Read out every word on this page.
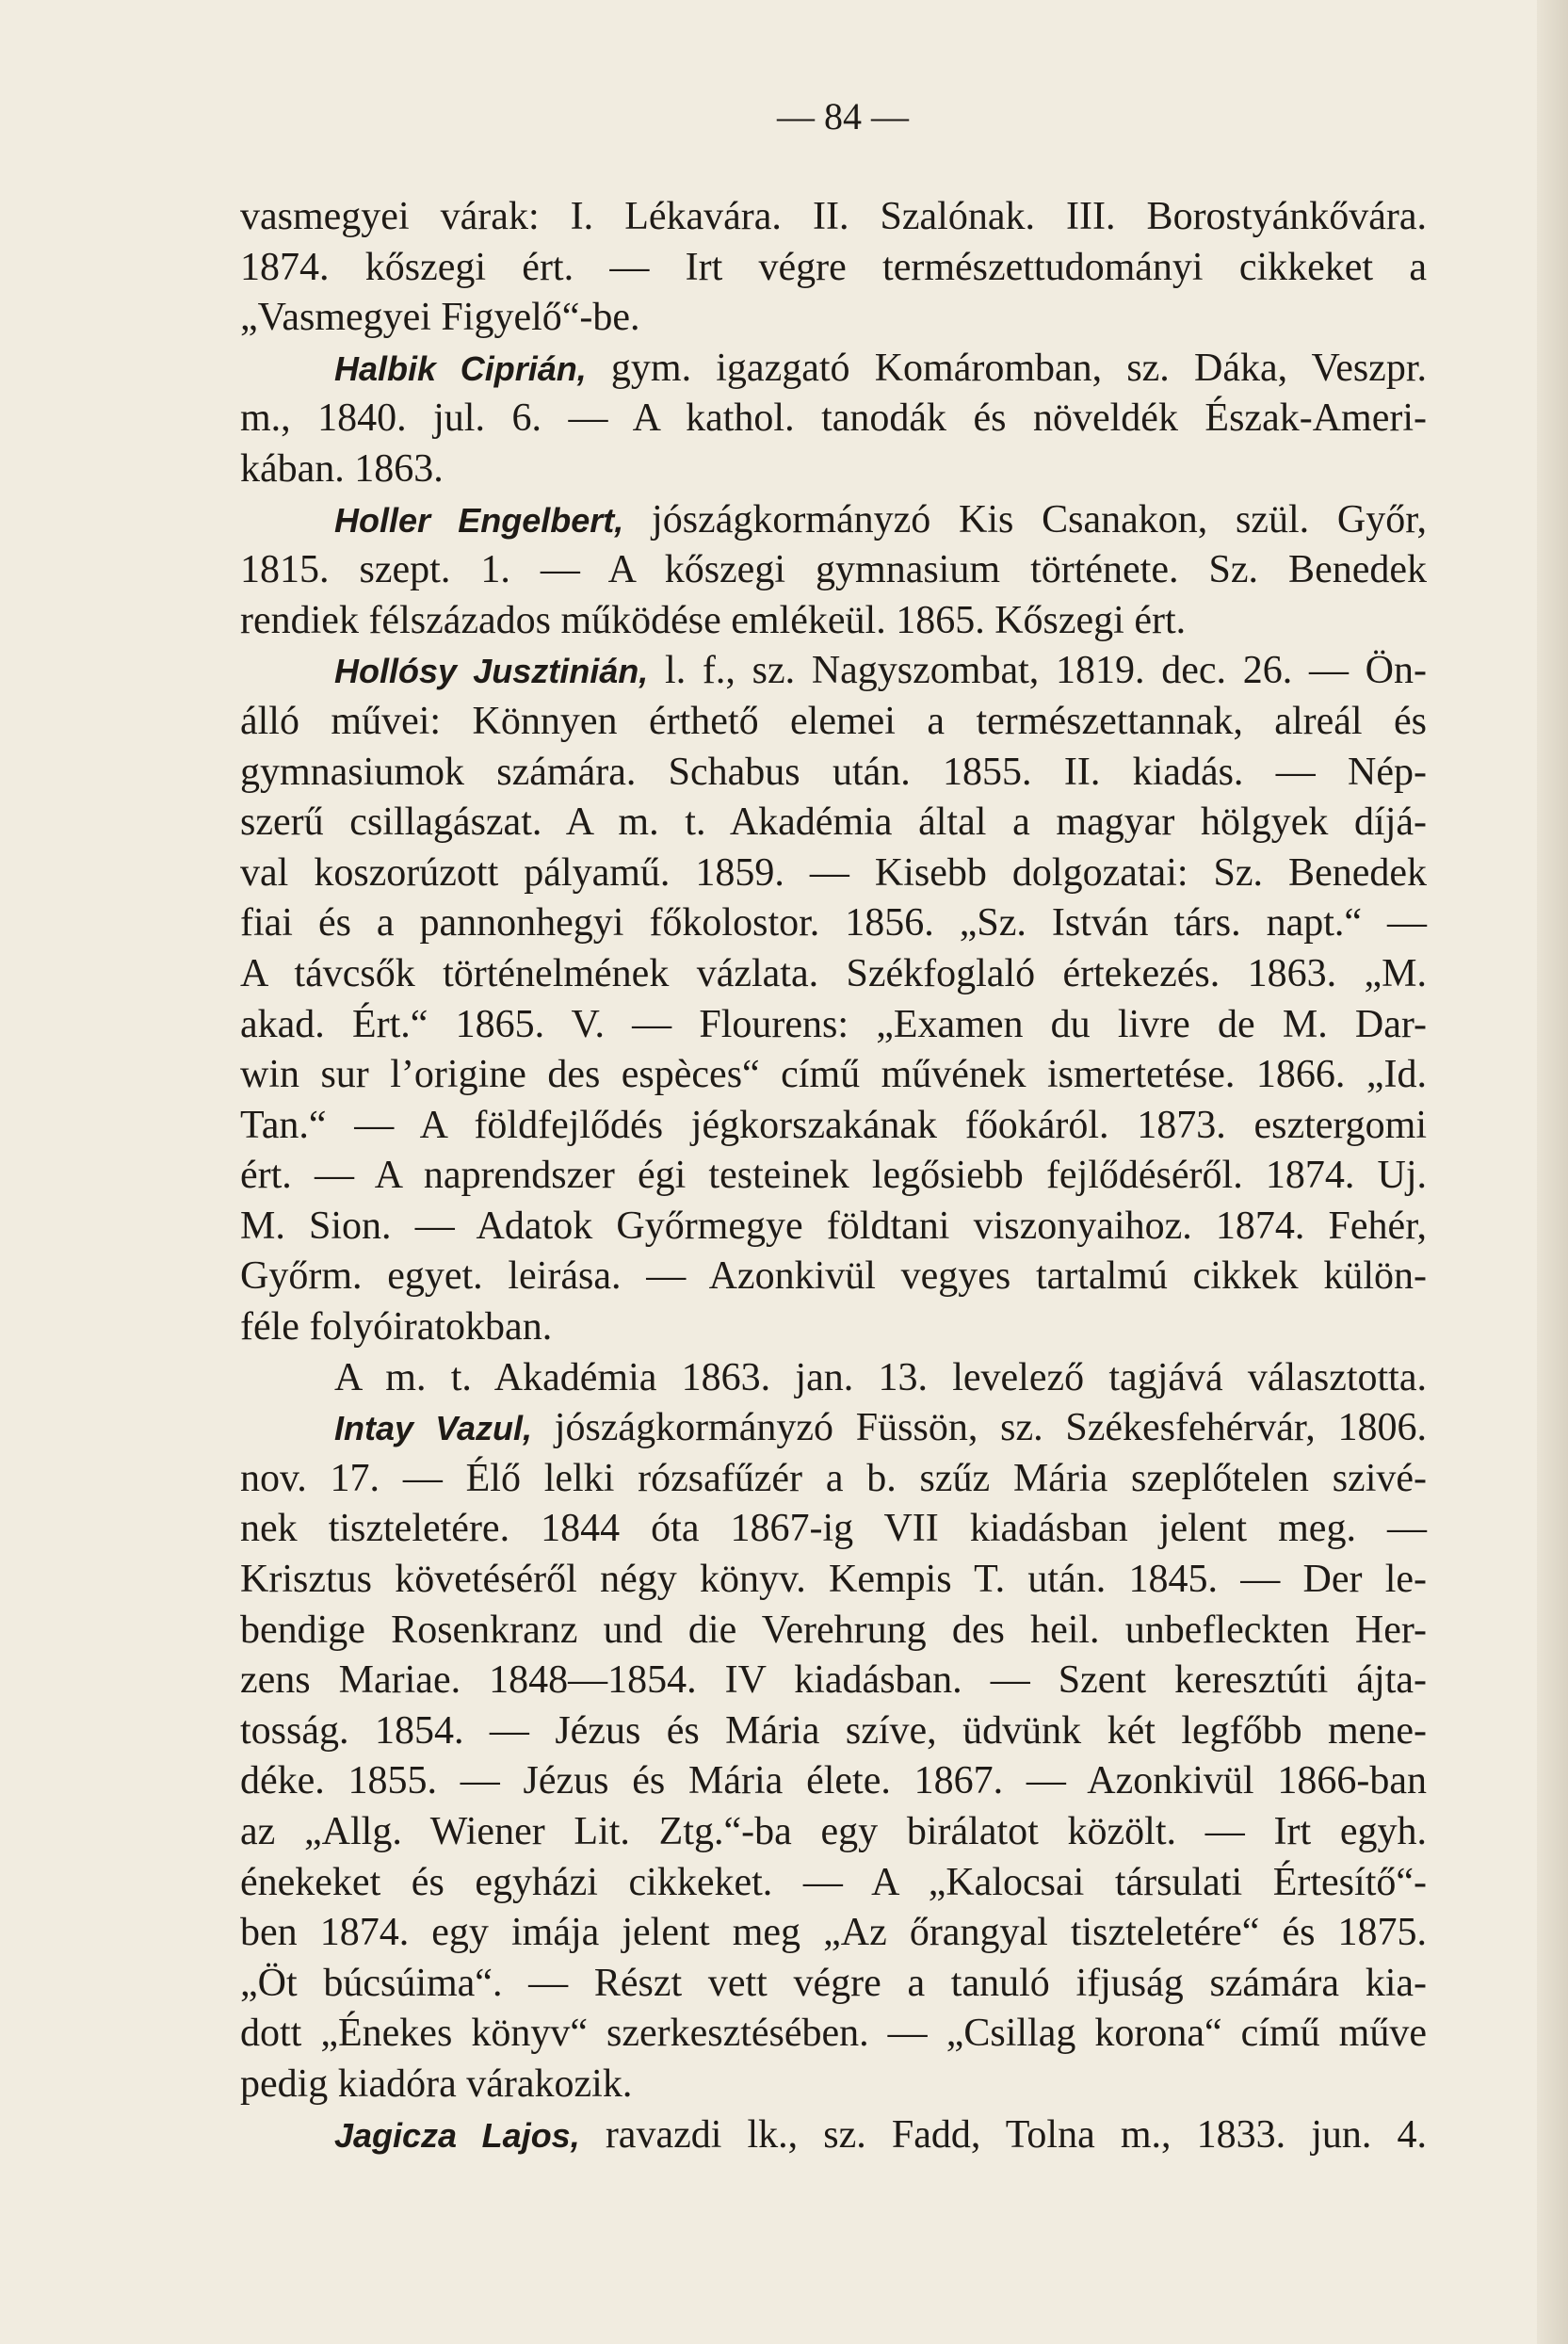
— 84 —
vasmegyei várak: I. Lékavára. II. Szalónak. III. Borostyánkővára.
1874. kőszegi ért. — Irt végre természettudományi cikkeket a
„Vasmegyei Figyelő“-be.
Halbik Ciprián, gym. igazgató Komáromban, sz. Dáka, Veszpr.
m., 1840. jul. 6. — A kathol. tanodák és növeldék Észak-Ameri-
kában. 1863.
Holler Engelbert, jószágkormányzó Kis Csanakon, szül. Győr,
1815. szept. 1. — A kőszegi gymnasium története. Sz. Benedek
rendiek félszázados működése emlékeül. 1865. Kőszegi ért.
Hollósy Jusztinián, l. f., sz. Nagyszombat, 1819. dec. 26. — Ön-
álló művei: Könnyen érthető elemei a természettannak, alreál és
gymnasiumok számára. Schabus után. 1855. II. kiadás. — Nép-
szerű csillagászat. A m. t. Akadémia által a magyar hölgyek díjá-
val koszorúzott pályamű. 1859. — Kisebb dolgozatai: Sz. Benedek
fiai és a pannonhegyi főkolostor. 1856. „Sz. István társ. napt.“ —
A távcsők történelmének vázlata. Székfoglaló értekezés. 1863. „M.
akad. Ért.“ 1865. V. — Flourens: „Examen du livre de M. Dar-
win sur l’origine des espèces“ című művének ismertetése. 1866. „Id.
Tan.“ — A földfejlődés jégkorszakának főokáról. 1873. esztergomi
ért. — A naprendszer égi testeinek legősiebb fejlődéséről. 1874. Uj.
M. Sion. — Adatok Győrmegye földtani viszonyaihoz. 1874. Fehér,
Győrm. egyet. leirása. — Azonkivül vegyes tartalmú cikkek külön-
féle folyóiratokban.
A m. t. Akadémia 1863. jan. 13. levelező tagjává választotta.
Intay Vazul, jószágkormányzó Füssön, sz. Székesfehérvár, 1806.
nov. 17. — Élő lelki rózsafűzér a b. szűz Mária szeplőtelen szivé-
nek tiszteletére. 1844 óta 1867-ig VII kiadásban jelent meg. —
Krisztus követéséről négy könyv. Kempis T. után. 1845. — Der le-
bendige Rosenkranz und die Verehrung des heil. unbefleckten Her-
zens Mariae. 1848—1854. IV kiadásban. — Szent keresztúti ájta-
tosság. 1854. — Jézus és Mária szíve, üdvünk két legfőbb mene-
déke. 1855. — Jézus és Mária élete. 1867. — Azonkivül 1866-ban
az „Allg. Wiener Lit. Ztg.“-ba egy birálatot közölt. — Irt egyh.
énekeket és egyházi cikkeket. — A „Kalocsai társulati Értesítő“-
ben 1874. egy imája jelent meg „Az őrangyal tiszteletére“ és 1875.
„Öt búcsúima“. — Részt vett végre a tanuló ifjuság számára kia-
dott „Énekes könyv“ szerkesztésében. — „Csillag korona“ című műve
pedig kiadóra várakozik.
Jagicza Lajos, ravazdi lk., sz. Fadd, Tolna m., 1833. jun. 4.
